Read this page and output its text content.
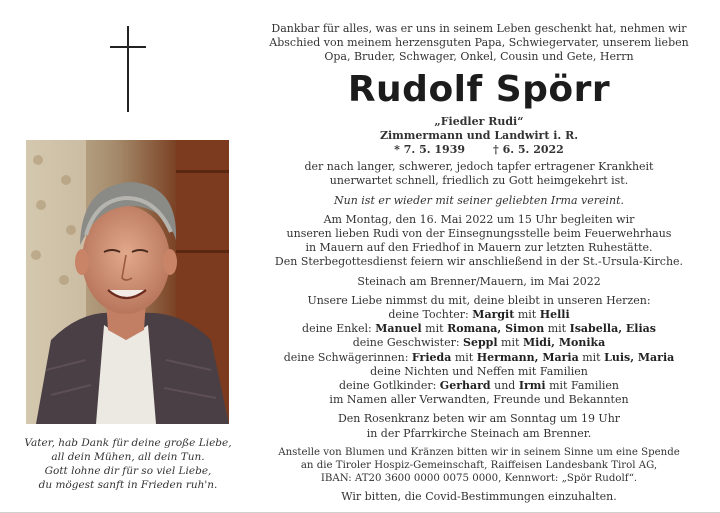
Vater, hab Dank für deine große Liebe,
all dein Mühen, all dein Tun.
Gott lohne dir für so viel Liebe,
du mögest sanft in Frieden ruh'n.
Dankbar für alles, was er uns in seinem Leben geschenkt hat, nehmen wir
Abschied von meinem herzensguten Papa, Schwiegervater, unserem lieben
Opa, Bruder, Schwager, Onkel, Cousin und Gete, Herrn
Rudolf Spörr
„Fiedler Rudi“
Zimmermann und Landwirt i. R.
* 7. 5. 1939	† 6. 5. 2022
der nach langer, schwerer, jedoch tapfer ertragener Krankheit
unerwartet schnell, friedlich zu Gott heimgekehrt ist.
Nun ist er wieder mit seiner geliebten Irma vereint.
Am Montag, den 16. Mai 2022 um 15 Uhr begleiten wir
unseren lieben Rudi von der Einsegnungsstelle beim Feuerwehrhaus
in Mauern auf den Friedhof in Mauern zur letzten Ruhestätte.
Den Sterbegottesdienst feiern wir anschließend in der St.-Ursula-Kirche.
Steinach am Brenner/Mauern, im Mai 2022
Unsere Liebe nimmst du mit, deine bleibt in unseren Herzen:
deine Tochter: Margit mit Helli
deine Enkel: Manuel mit Romana, Simon mit Isabella, Elias
deine Geschwister: Seppl mit Midi, Monika
deine Schwägerinnen: Frieda mit Hermann, Maria mit Luis, Maria
deine Nichten und Neffen mit Familien
deine Gotlkinder: Gerhard und Irmi mit Familien
im Namen aller Verwandten, Freunde und Bekannten
Den Rosenkranz beten wir am Sonntag um 19 Uhr
in der Pfarrkirche Steinach am Brenner.
Anstelle von Blumen und Kränzen bitten wir in seinem Sinne um eine Spende
an die Tiroler Hospiz-Gemeinschaft, Raiffeisen Landesbank Tirol AG,
IBAN: AT20 3600 0000 0075 0000, Kennwort: „Spör Rudolf“.
Wir bitten, die Covid-Bestimmungen einzuhalten.
